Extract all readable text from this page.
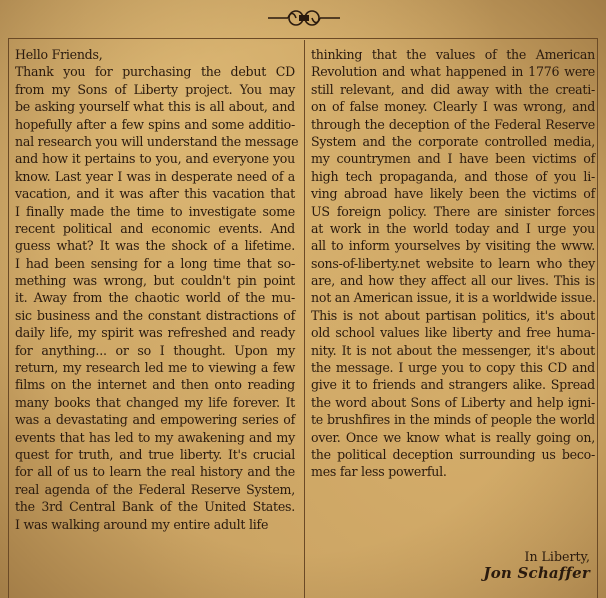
Hello Friends,
Thank you for purchasing the debut CD
from my Sons of Liberty project. You may
be asking yourself what this is all about, and
hopefully after a few spins and some additio-
nal research you will understand the message
and how it pertains to you, and everyone you
know. Last year I was in desperate need of a
vacation, and it was after this vacation that
I finally made the time to investigate some
recent political and economic events. And
guess what? It was the shock of a lifetime.
I had been sensing for a long time that so-
mething was wrong, but couldn't pin point
it. Away from the chaotic world of the mu-
sic business and the constant distractions of
daily life, my spirit was refreshed and ready
for anything... or so I thought. Upon my
return, my research led me to viewing a few
films on the internet and then onto reading
many books that changed my life forever. It
was a devastating and empowering series of
events that has led to my awakening and my
quest for truth, and true liberty. It's crucial
for all of us to learn the real history and the
real agenda of the Federal Reserve System,
the 3rd Central Bank of the United States.
I was walking around my entire adult life
thinking that the values of the American
Revolution and what happened in 1776 were
still relevant, and did away with the creati-
on of false money. Clearly I was wrong, and
through the deception of the Federal Reserve
System and the corporate controlled media,
my countrymen and I have been victims of
high tech propaganda, and those of you li-
ving abroad have likely been the victims of
US foreign policy. There are sinister forces
at work in the world today and I urge you
all to inform yourselves by visiting the www.
sons-of-liberty.net website to learn who they
are, and how they affect all our lives. This is
not an American issue, it is a worldwide issue.
This is not about partisan politics, it's about
old school values like liberty and free huma-
nity. It is not about the messenger, it's about
the message. I urge you to copy this CD and
give it to friends and strangers alike. Spread
the word about Sons of Liberty and help igni-
te brushfires in the minds of people the world
over. Once we know what is really going on,
the political deception surrounding us beco-
mes far less powerful.
In Liberty,
Jon Schaffer
